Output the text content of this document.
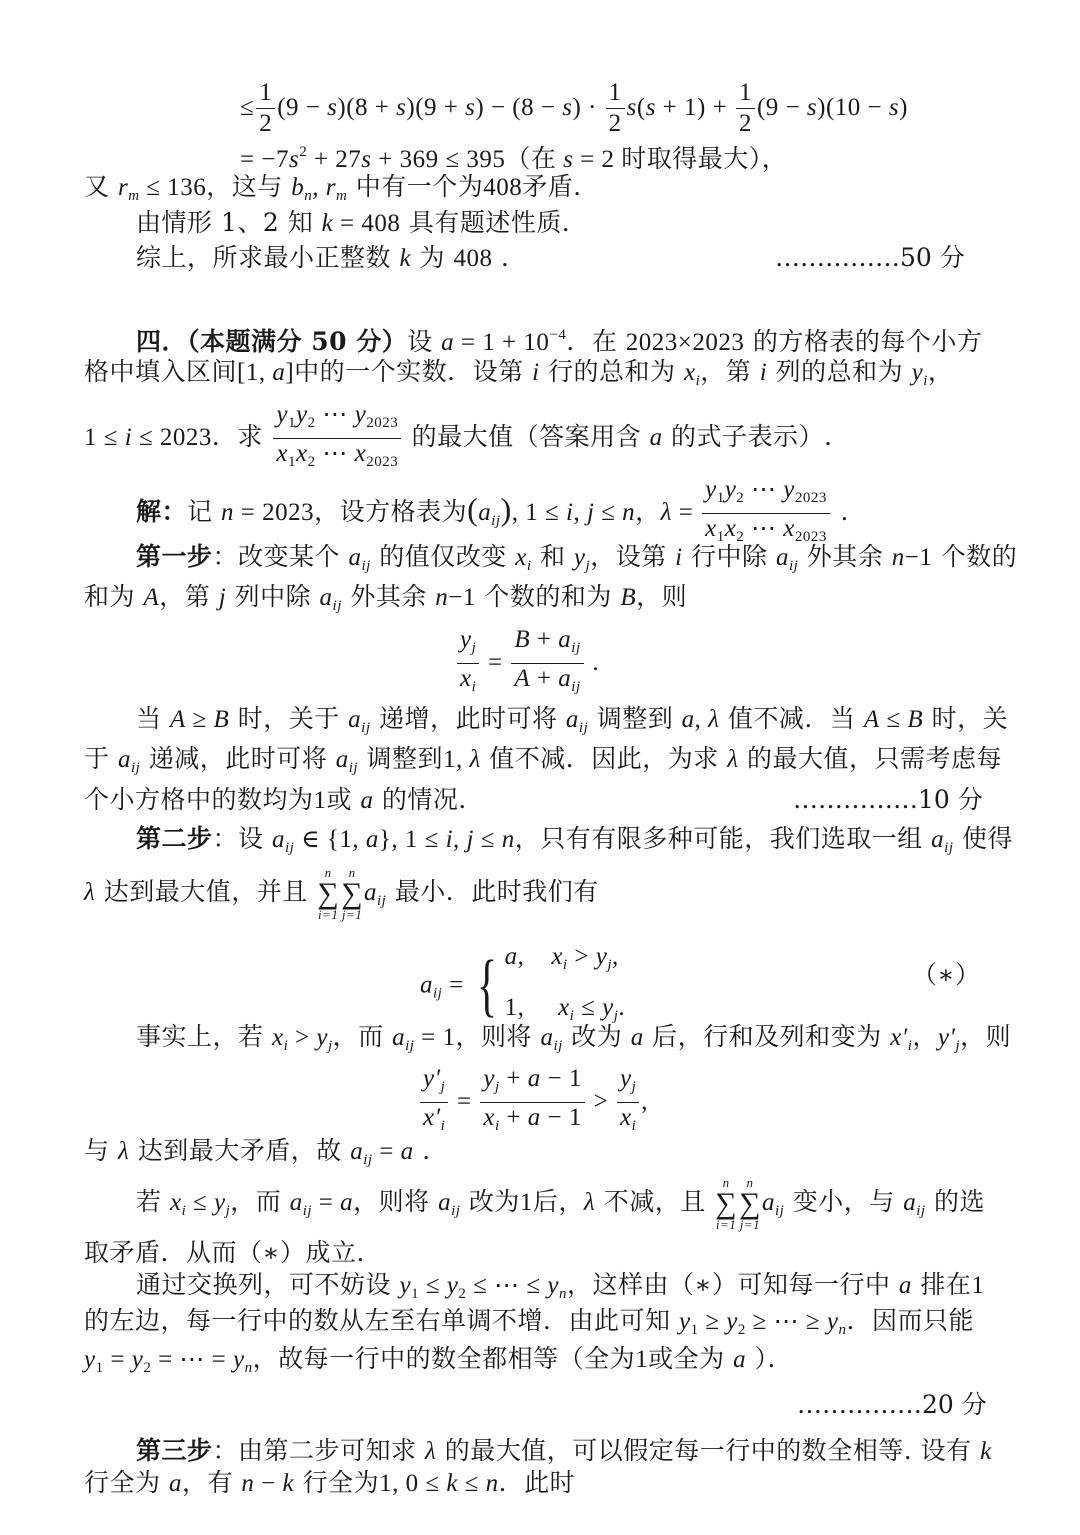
≤ $\frac{1}{2} (9 - s)(8 + s)(9 + s) - (8 - s) \cdot \frac{1}{2} s(s + 1) + \frac{1}{2} (9 - s)(10 - s)$
= $-7s^2 + 27s + 369 \le 395$（在 s = 2 时取得最大），
又 $r_m \le 136$，这与 $b_n$, $r_m$ 中有一个为408矛盾．
由情形 1、2 知 k = 408 具有题述性质．
综上，所求最小正整数 k 为 408 .	……………50 分
四．（本题满分 50 分）设 $a = 1 + 10^{-4}$．在 2023×2023 的方格表的每个小方
格中填入区间[1, a]中的一个实数．设第 i 行的总和为 $x_i$，第 i 列的总和为 $y_i$，
1 ≤ i ≤ 2023．求 $\frac{y_1y_2 \cdots y_{2023}}{x_1x_2 \cdots x_{2023}}$ 的最大值（答案用含 a 的式子表示）.
解：记 n = 2023，设方格表为$(a_{ij})$, 1 ≤ i, j ≤ n，$\lambda = \frac{y_1y_2 \cdots y_{2023}}{x_1x_2 \cdots x_{2023}}$ .
第一步：改变某个 $a_{ij}$ 的值仅改变 $x_i$ 和 $y_j$，设第 i 行中除 $a_{ij}$ 外其余 n−1 个数的
和为 A，第 j 列中除 $a_{ij}$ 外其余 n−1 个数的和为 B，则
$\frac{y_j}{x_i} = \frac{B + a_{ij}}{A + a_{ij}}$ .
当 A ≥ B 时，关于 $a_{ij}$ 递增，此时可将 $a_{ij}$ 调整到 a, λ 值不减．当 A ≤ B 时，关
于 $a_{ij}$ 递减，此时可将 $a_{ij}$ 调整到1, λ 值不减．因此，为求 λ 的最大值，只需考虑每
个小方格中的数均为1或 a 的情况．	……………10 分
第二步：设 $a_{ij}$ ∈ {1, a}, 1 ≤ i, j ≤ n，只有有限多种可能，我们选取一组 $a_{ij}$ 使得
λ 达到最大值，并且
n
∑
i=1
n
∑
j=1
$a_{ij}$ 最小．此时我们有
$a_{ij}$ = { a,    $x_i > y_j$,
1,     $x_i \le y_j$.
（∗）
事实上，若 $x_i > y_j$，而 $a_{ij} = 1$，则将 $a_{ij}$ 改为 a 后，行和及列和变为 $x'_i$，$y'_j$，则
$\frac{y'_j}{x'_i} = \frac{y_j + a - 1}{x_i + a - 1} > \frac{y_j}{x_i}$ ,
与 λ 达到最大矛盾，故 $a_{ij} = a$ .
若 $x_i \le y_j$，而 $a_{ij} = a$，则将 $a_{ij}$ 改为1后，λ 不减，且
n
∑
i=1
n
∑
j=1
$a_{ij}$ 变小，与 $a_{ij}$ 的选
取矛盾．从而（∗）成立．
通过交换列，可不妨设 $y_1 \le y_2$ ≤ ⋯ ≤ $y_n$，这样由（∗）可知每一行中 a 排在1
的左边，每一行中的数从左至右单调不增．由此可知 $y_1 \ge y_2$ ≥ ⋯ ≥ $y_n$．因而只能
$y_1 = y_2$ = ⋯ = $y_n$，故每一行中的数全都相等（全为1或全为 a ）．
……………20 分
第三步：由第二步可知求 λ 的最大值，可以假定每一行中的数全相等. 设有 k
行全为 a，有 n − k 行全为1, 0 ≤ k ≤ n．此时
